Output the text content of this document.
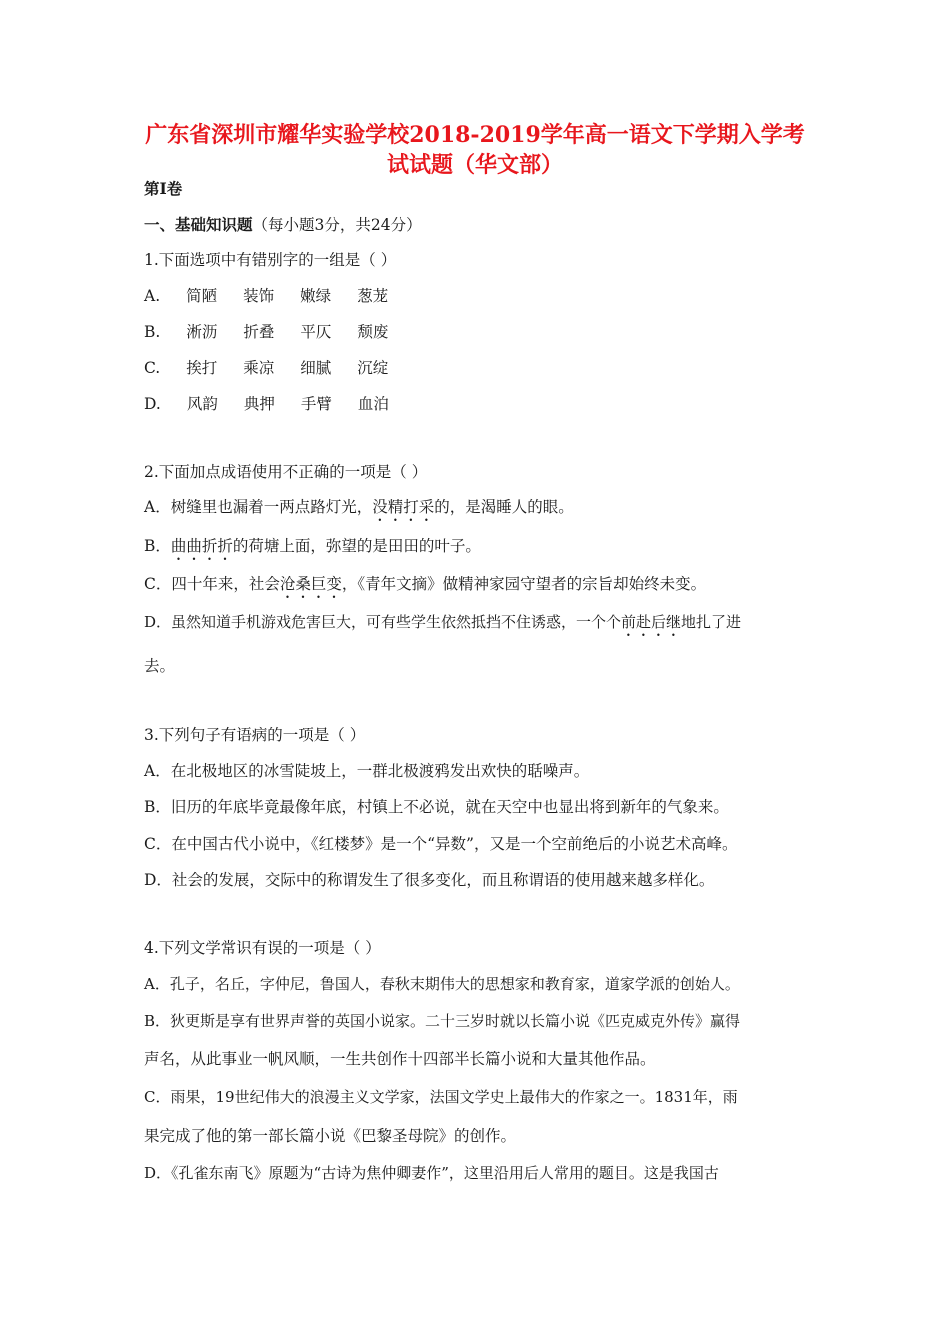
广东省深圳市耀华实验学校2018-2019学年高一语文下学期入学考
试试题（华文部）
第Ⅰ卷
一、基础知识题（每小题3分，共24分）
1.下面选项中有错别字的一组是（ ）
A. 简陋 装饰 嫩绿 葱茏
B. 淅沥 折叠 平仄 颓废
C. 挨打 乘凉 细腻 沉绽
D. 风韵 典押 手臂 血泊
2.下面加点成语使用不正确的一项是（ ）
A．树缝里也漏着一两点路灯光，没精打采的，是渴睡人的眼。
B．曲曲折折的荷塘上面，弥望的是田田的叶子。
C．四十年来，社会沧桑巨变，《青年文摘》做精神家园守望者的宗旨却始终未变。
D．虽然知道手机游戏危害巨大，可有些学生依然抵挡不住诱惑，一个个前赴后继地扎了进
去。
3.下列句子有语病的一项是（ ）
A．在北极地区的冰雪陡坡上，一群北极渡鸦发出欢快的聒噪声。
B．旧历的年底毕竟最像年底，村镇上不必说，就在天空中也显出将到新年的气象来。
C．在中国古代小说中，《红楼梦》是一个“异数”，又是一个空前绝后的小说艺术高峰。
D．社会的发展，交际中的称谓发生了很多变化，而且称谓语的使用越来越多样化。
4.下列文学常识有误的一项是（ ）
A．孔子，名丘，字仲尼，鲁国人，春秋末期伟大的思想家和教育家，道家学派的创始人。
B．狄更斯是享有世界声誉的英国小说家。二十三岁时就以长篇小说《匹克威克外传》赢得
声名，从此事业一帆风顺，一生共创作十四部半长篇小说和大量其他作品。
C．雨果，19世纪伟大的浪漫主义文学家，法国文学史上最伟大的作家之一。1831年，雨
果完成了他的第一部长篇小说《巴黎圣母院》的创作。
D．《孔雀东南飞》原题为“古诗为焦仲卿妻作”，这里沿用后人常用的题目。这是我国古
